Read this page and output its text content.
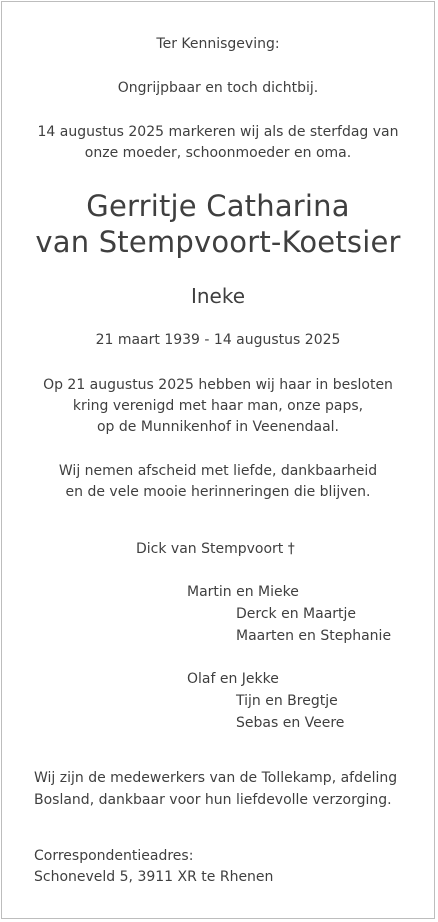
Ter Kennisgeving:
Ongrijpbaar en toch dichtbij.
14 augustus 2025 markeren wij als de sterfdag van
onze moeder, schoonmoeder en oma.
Gerritje Catharina
van Stempvoort-Koetsier
Ineke
21 maart 1939 - 14 augustus 2025
Op 21 augustus 2025 hebben wij haar in besloten
kring verenigd met haar man, onze paps,
op de Munnikenhof in Veenendaal.
Wij nemen afscheid met liefde, dankbaarheid
en de vele mooie herinneringen die blijven.
Dick van Stempvoort †
Martin en Mieke
Derck en Maartje
Maarten en Stephanie
Olaf en Jekke
Tijn en Bregtje
Sebas en Veere
Wij zijn de medewerkers van de Tollekamp, afdeling
Bosland, dankbaar voor hun liefdevolle verzorging.
Correspondentieadres:
Schoneveld 5, 3911 XR te Rhenen
